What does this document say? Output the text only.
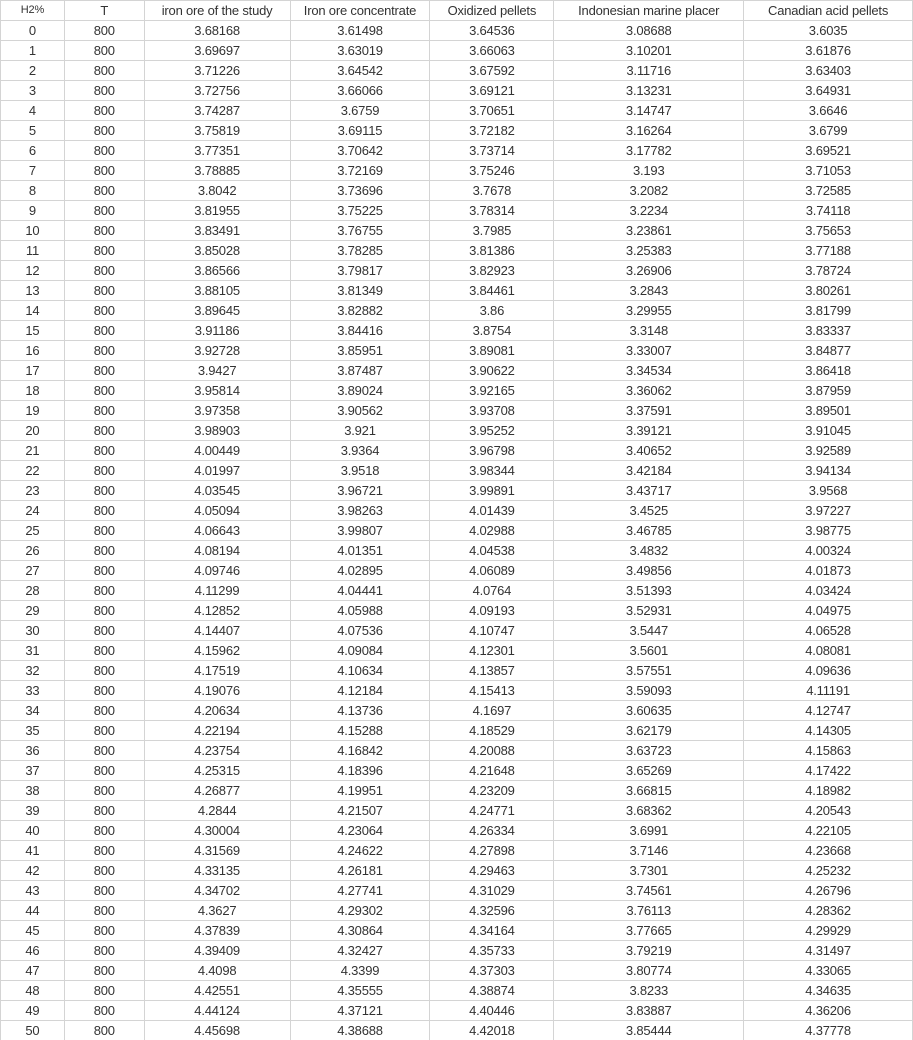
H2%	T	iron ore of the study	Iron ore concentrate	Oxidized pellets	Indonesian marine placer	Canadian acid pellets
0	800	3.68168	3.61498	3.64536	3.08688	3.6035
1	800	3.69697	3.63019	3.66063	3.10201	3.61876
2	800	3.71226	3.64542	3.67592	3.11716	3.63403
3	800	3.72756	3.66066	3.69121	3.13231	3.64931
4	800	3.74287	3.6759	3.70651	3.14747	3.6646
5	800	3.75819	3.69115	3.72182	3.16264	3.6799
6	800	3.77351	3.70642	3.73714	3.17782	3.69521
7	800	3.78885	3.72169	3.75246	3.193	3.71053
8	800	3.8042	3.73696	3.7678	3.2082	3.72585
9	800	3.81955	3.75225	3.78314	3.2234	3.74118
10	800	3.83491	3.76755	3.7985	3.23861	3.75653
11	800	3.85028	3.78285	3.81386	3.25383	3.77188
12	800	3.86566	3.79817	3.82923	3.26906	3.78724
13	800	3.88105	3.81349	3.84461	3.2843	3.80261
14	800	3.89645	3.82882	3.86	3.29955	3.81799
15	800	3.91186	3.84416	3.8754	3.3148	3.83337
16	800	3.92728	3.85951	3.89081	3.33007	3.84877
17	800	3.9427	3.87487	3.90622	3.34534	3.86418
18	800	3.95814	3.89024	3.92165	3.36062	3.87959
19	800	3.97358	3.90562	3.93708	3.37591	3.89501
20	800	3.98903	3.921	3.95252	3.39121	3.91045
21	800	4.00449	3.9364	3.96798	3.40652	3.92589
22	800	4.01997	3.9518	3.98344	3.42184	3.94134
23	800	4.03545	3.96721	3.99891	3.43717	3.9568
24	800	4.05094	3.98263	4.01439	3.4525	3.97227
25	800	4.06643	3.99807	4.02988	3.46785	3.98775
26	800	4.08194	4.01351	4.04538	3.4832	4.00324
27	800	4.09746	4.02895	4.06089	3.49856	4.01873
28	800	4.11299	4.04441	4.0764	3.51393	4.03424
29	800	4.12852	4.05988	4.09193	3.52931	4.04975
30	800	4.14407	4.07536	4.10747	3.5447	4.06528
31	800	4.15962	4.09084	4.12301	3.5601	4.08081
32	800	4.17519	4.10634	4.13857	3.57551	4.09636
33	800	4.19076	4.12184	4.15413	3.59093	4.11191
34	800	4.20634	4.13736	4.1697	3.60635	4.12747
35	800	4.22194	4.15288	4.18529	3.62179	4.14305
36	800	4.23754	4.16842	4.20088	3.63723	4.15863
37	800	4.25315	4.18396	4.21648	3.65269	4.17422
38	800	4.26877	4.19951	4.23209	3.66815	4.18982
39	800	4.2844	4.21507	4.24771	3.68362	4.20543
40	800	4.30004	4.23064	4.26334	3.6991	4.22105
41	800	4.31569	4.24622	4.27898	3.7146	4.23668
42	800	4.33135	4.26181	4.29463	3.7301	4.25232
43	800	4.34702	4.27741	4.31029	3.74561	4.26796
44	800	4.3627	4.29302	4.32596	3.76113	4.28362
45	800	4.37839	4.30864	4.34164	3.77665	4.29929
46	800	4.39409	4.32427	4.35733	3.79219	4.31497
47	800	4.4098	4.3399	4.37303	3.80774	4.33065
48	800	4.42551	4.35555	4.38874	3.8233	4.34635
49	800	4.44124	4.37121	4.40446	3.83887	4.36206
50	800	4.45698	4.38688	4.42018	3.85444	4.37778
